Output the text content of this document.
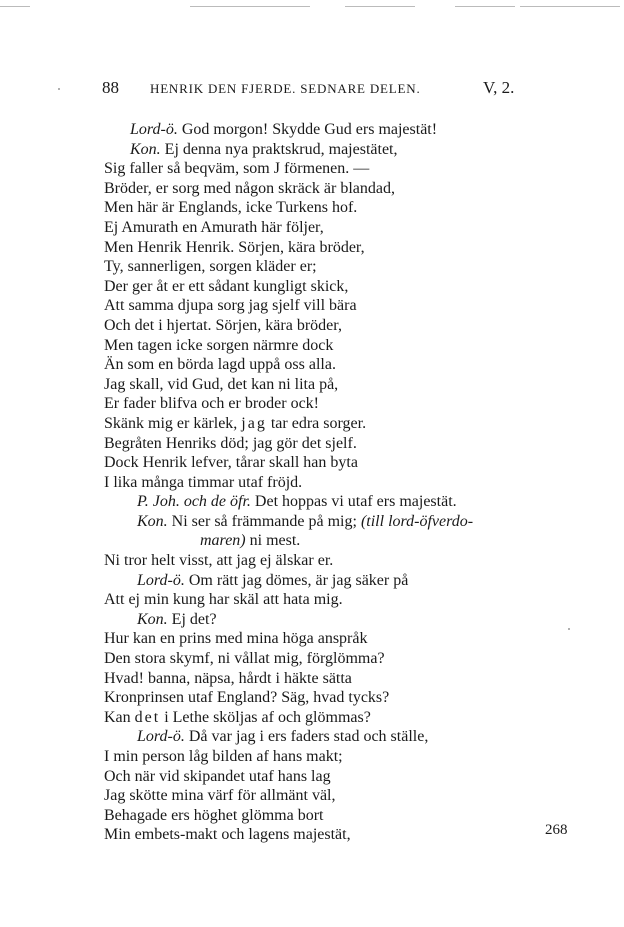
88 HENRIK DEN FJERDE. SEDNARE DELEN.	V, 2.
Lord-ö. God morgon! Skydde Gud ers majestät!
Kon. Ej denna nya praktskrud, majestätet,
Sig faller så beqväm, som J förmenen. —
Bröder, er sorg med någon skräck är blandad,
Men här är Englands, icke Turkens hof.
Ej Amurath en Amurath här följer,
Men Henrik Henrik. Sörjen, kära bröder,
Ty, sannerligen, sorgen kläder er;
Der ger åt er ett sådant kungligt skick,
Att samma djupa sorg jag sjelf vill bära
Och det i hjertat. Sörjen, kära bröder,
Men tagen icke sorgen närmre dock
Än som en börda lagd uppå oss alla.
Jag skall, vid Gud, det kan ni lita på,
Er fader blifva och er broder ock!
Skänk mig er kärlek, jag tar edra sorger.
Begråten Henriks död; jag gör det sjelf.
Dock Henrik lefver, tårar skall han byta
I lika många timmar utaf fröjd.
P. Joh. och de öfr. Det hoppas vi utaf ers majestät.
Kon. Ni ser så främmande på mig; (till lord-öfverdo-
maren) ni mest.
Ni tror helt visst, att jag ej älskar er.
Lord-ö. Om rätt jag dömes, är jag säker på
Att ej min kung har skäl att hata mig.
Kon. Ej det?
Hur kan en prins med mina höga anspråk
Den stora skymf, ni vållat mig, förglömma?
Hvad! banna, näpsa, hårdt i häkte sätta
Kronprinsen utaf England? Säg, hvad tycks?
Kan det i Lethe sköljas af och glömmas?
Lord-ö. Då var jag i ers faders stad och ställe,
I min person låg bilden af hans makt;
Och när vid skipandet utaf hans lag
Jag skötte mina värf för allmänt väl,
Behagade ers höghet glömma bort
Min embets-makt och lagens majestät,	268
